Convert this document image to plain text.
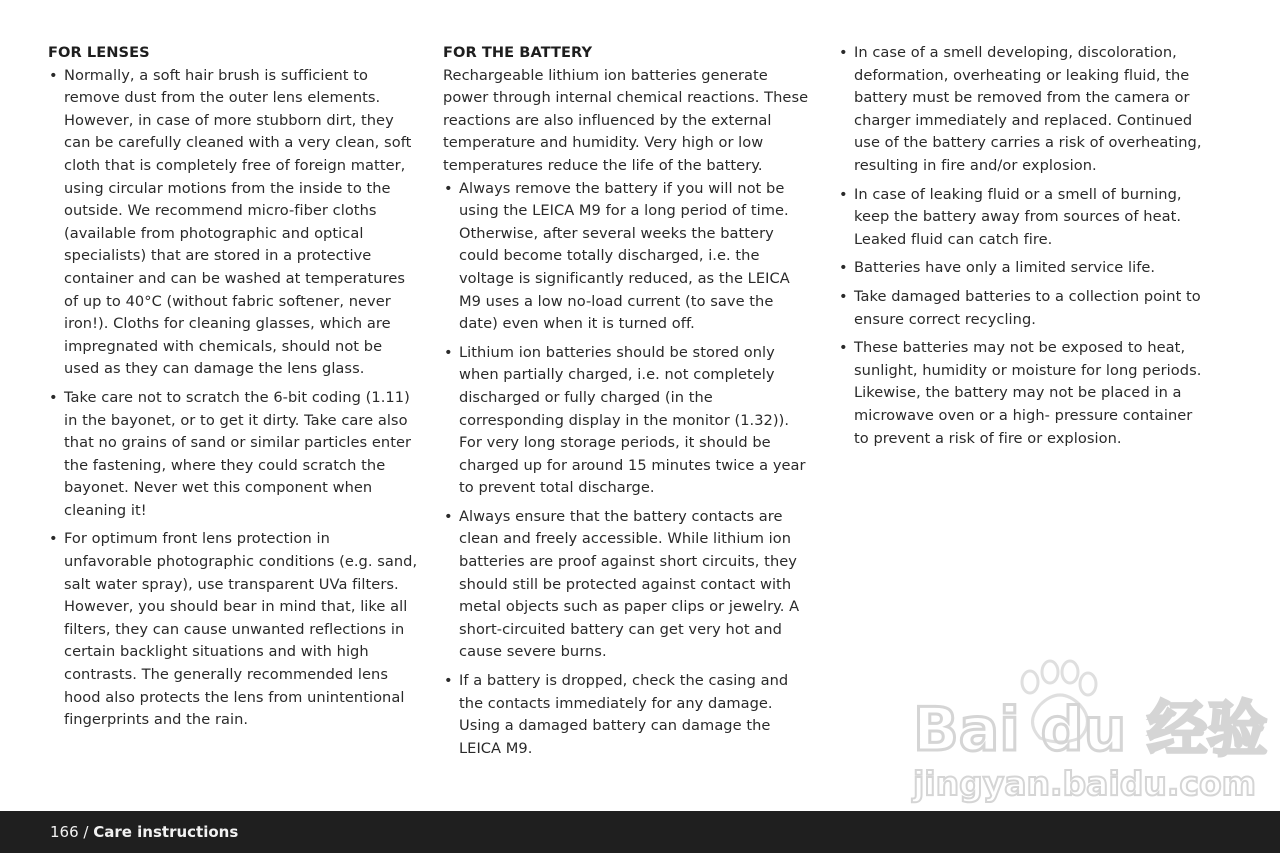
FOR LENSES
• Normally, a soft hair brush is sufficient to remove dust from the outer lens elements. However, in case of more stubborn dirt, they can be carefully cleaned with a very clean, soft cloth that is completely free of foreign matter, using circular motions from the inside to the outside. We recommend micro-fiber cloths (available from photographic and optical specialists) that are stored in a protective container and can be washed at temperatures of up to 40°C (without fabric softener, never iron!). Cloths for cleaning glasses, which are impregnated with chemicals, should not be used as they can damage the lens glass.
• Take care not to scratch the 6-bit coding (1.11) in the bayonet, or to get it dirty. Take care also that no grains of sand or similar particles enter the fastening, where they could scratch the bayonet. Never wet this component when cleaning it!
• For optimum front lens protection in unfavorable photographic conditions (e.g. sand, salt water spray), use transparent UVa filters. However, you should bear in mind that, like all filters, they can cause unwanted reflections in certain backlight situations and with high contrasts. The generally recommended lens hood also protects the lens from unintentional fingerprints and the rain.
FOR THE BATTERY

Rechargeable lithium ion batteries generate power through internal chemical reactions. These reactions are also influenced by the external temperature and humidity. Very high or low temperatures reduce the life of the battery.

• Always remove the battery if you will not be using the LEICA M9 for a long period of time. Otherwise, after several weeks the battery could become totally discharged, i.e. the voltage is significantly reduced, as the LEICA M9 uses a low no-load current (to save the date) even when it is turned off.
• Lithium ion batteries should be stored only when partially charged, i.e. not completely discharged or fully charged (in the corresponding display in the monitor (1.32)). For very long storage periods, it should be charged up for around 15 minutes twice a year to prevent total discharge.
• Always ensure that the battery contacts are clean and freely accessible. While lithium ion batteries are proof against short circuits, they should still be protected against contact with metal objects such as paper clips or jewelry. A short-circuited battery can get very hot and cause severe burns.
• If a battery is dropped, check the casing and the contacts immediately for any damage. Using a damaged battery can damage the LEICA M9.
• In case of a smell developing, discoloration, deformation, overheating or leaking fluid, the battery must be removed from the camera or charger immediately and replaced. Continued use of the battery carries a risk of overheating, resulting in fire and/or explosion.
• In case of leaking fluid or a smell of burning, keep the battery away from sources of heat. Leaked fluid can catch fire.
• Batteries have only a limited service life.
• Take damaged batteries to a collection point to ensure correct recycling.
• These batteries may not be exposed to heat, sunlight, humidity or moisture for long periods. Likewise, the battery may not be placed in a microwave oven or a high- pressure container to prevent a risk of fire or explosion.
Bai du 经验
jingyan.baidu.com
166 / Care instructions
